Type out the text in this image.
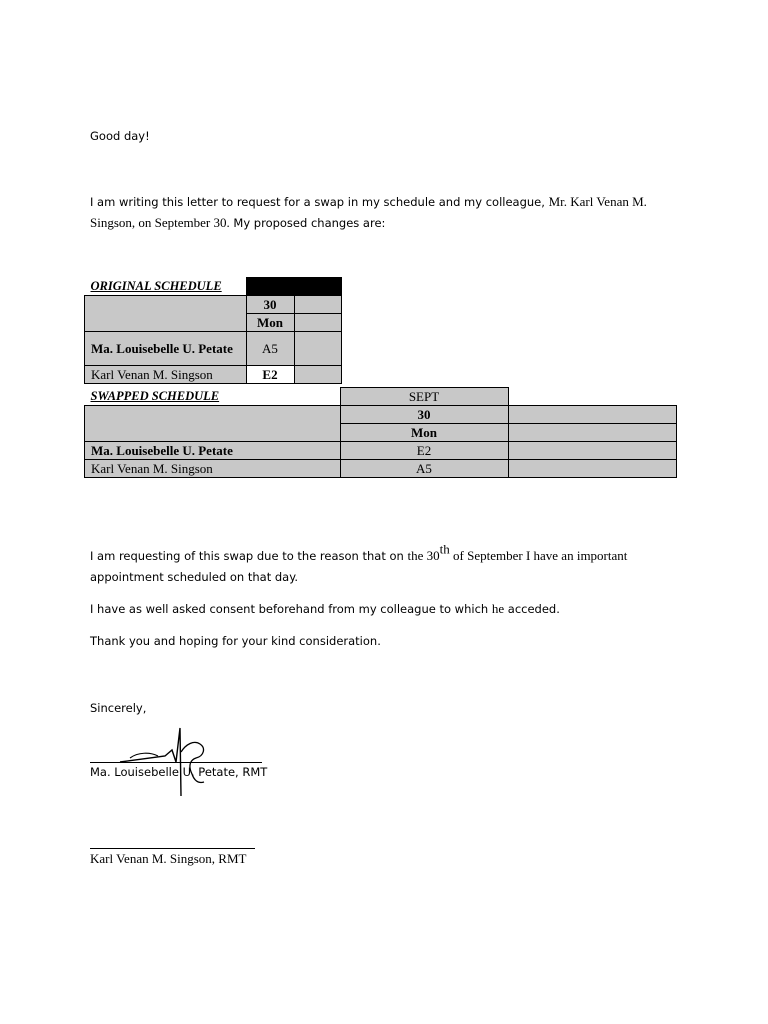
Good day!
I am writing this letter to request for a swap in my schedule and my colleague, Mr. Karl Venan M. Singson, on September 30. My proposed changes are:
ORIGINAL SCHEDULE		
	30	
	Mon	
Ma. Louisebelle U. Petate	A5	
Karl Venan M. Singson	E2	
SWAPPED SCHEDULE	SEPT	
	30	
	Mon	
Ma. Louisebelle U. Petate	E2	
Karl Venan M. Singson	A5	
I am requesting of this swap due to the reason that on the 30th of September I have an important
appointment scheduled on that day.
I have as well asked consent beforehand from my colleague to which he acceded.
Thank you and hoping for your kind consideration.
Sincerely,
Ma. Louisebelle U. Petate, RMT
Karl Venan M. Singson, RMT
